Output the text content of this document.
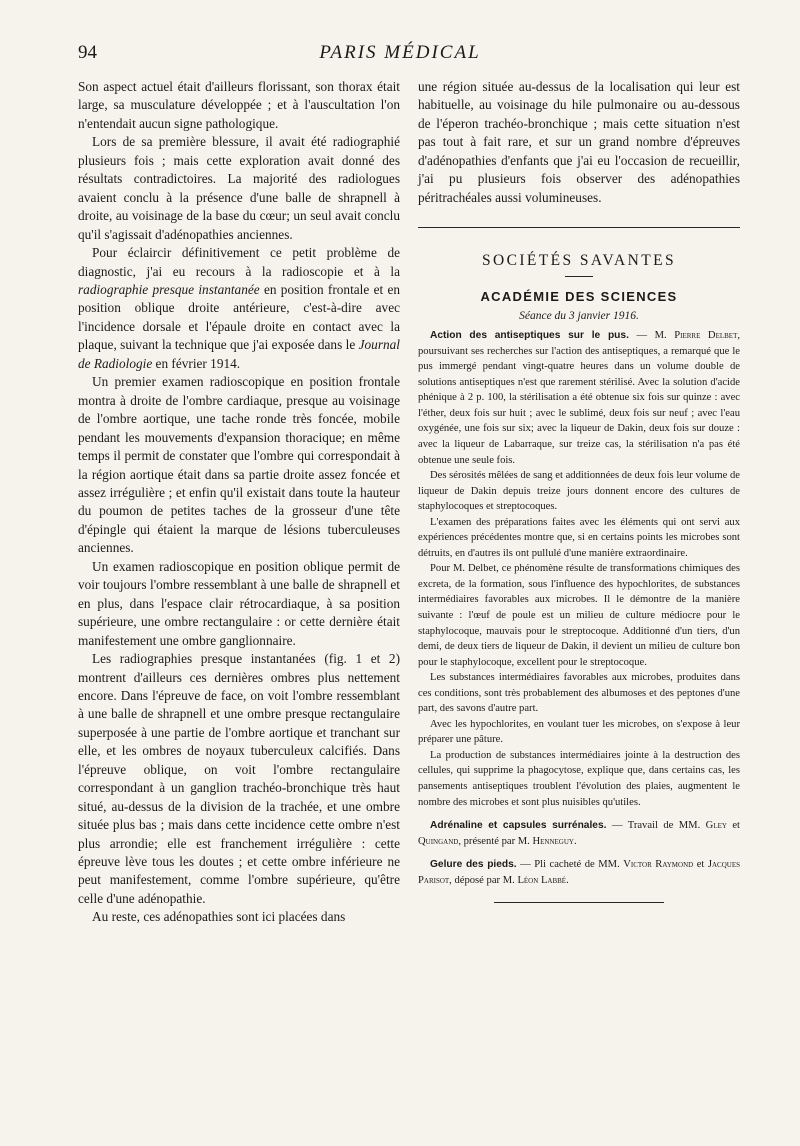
94	PARIS MÉDICAL

Son aspect actuel était d'ailleurs florissant, son thorax était large, sa musculature développée ; et à l'auscultation l'on n'entendait aucun signe pathologique.

Lors de sa première blessure, il avait été radiographié plusieurs fois ; mais cette exploration avait donné des résultats contradictoires. La majorité des radiologues avaient conclu à la présence d'une balle de shrapnell à droite, au voisinage de la base du cœur; un seul avait conclu qu'il s'agissait d'adénopathies anciennes.

Pour éclaircir définitivement ce petit problème de diagnostic, j'ai eu recours à la radioscopie et à la radiographie presque instantanée en position frontale et en position oblique droite antérieure, c'est-à-dire avec l'incidence dorsale et l'épaule droite en contact avec la plaque, suivant la technique que j'ai exposée dans le Journal de Radiologie en février 1914.

Un premier examen radioscopique en position frontale montra à droite de l'ombre cardiaque, presque au voisinage de l'ombre aortique, une tache ronde très foncée, mobile pendant les mouvements d'expansion thoracique; en même temps il permit de constater que l'ombre qui correspondait à la région aortique était dans sa partie droite assez foncée et assez irrégulière ; et enfin qu'il existait dans toute la hauteur du poumon de petites taches de la grosseur d'une tête d'épingle qui étaient la marque de lésions tuberculeuses anciennes.

Un examen radioscopique en position oblique permit de voir toujours l'ombre ressemblant à une balle de shrapnell et en plus, dans l'espace clair rétrocardiaque, à sa position supérieure, une ombre rectangulaire : or cette dernière était manifestement une ombre ganglionnaire.

Les radiographies presque instantanées (fig. 1 et 2) montrent d'ailleurs ces dernières ombres plus nettement encore. Dans l'épreuve de face, on voit l'ombre ressemblant à une balle de shrapnell et une ombre presque rectangulaire superposée à une partie de l'ombre aortique et tranchant sur elle, et les ombres de noyaux tuberculeux calcifiés. Dans l'épreuve oblique, on voit l'ombre rectangulaire correspondant à un ganglion trachéo-bronchique très haut situé, au-dessus de la division de la trachée, et une ombre située plus bas ; mais dans cette incidence cette ombre n'est plus arrondie; elle est franchement irrégulière : cette épreuve lève tous les doutes ; et cette ombre inférieure ne peut manifestement, comme l'ombre supérieure, qu'être celle d'une adénopathie.

Au reste, ces adénopathies sont ici placées dans

une région située au-dessus de la localisation qui leur est habituelle, au voisinage du hile pulmonaire ou au-dessous de l'éperon trachéo-bronchique ; mais cette situation n'est pas tout à fait rare, et sur un grand nombre d'épreuves d'adénopathies d'enfants que j'ai eu l'occasion de recueillir, j'ai pu plusieurs fois observer des adénopathies péritrachéales aussi volumineuses.

SOCIÉTÉS SAVANTES
ACADÉMIE DES SCIENCES
Séance du 3 janvier 1916.

Action des antiseptiques sur le pus. — M. Pierre Delbet, poursuivant ses recherches sur l'action des antiseptiques, a remarqué que le pus immergé pendant vingt-quatre heures dans un volume double de solutions antiseptiques n'est que rarement stérilisé. Avec la solution d'acide phénique à 2 p. 100, la stérilisation a été obtenue six fois sur quinze : avec l'éther, deux fois sur huit ; avec le sublimé, deux fois sur neuf ; avec l'eau oxygénée, une fois sur six; avec la liqueur de Dakin, deux fois sur douze : avec la liqueur de Labarraque, sur treize cas, la stérilisation n'a pas été obtenue une seule fois.

Des sérosités mêlées de sang et additionnées de deux fois leur volume de liqueur de Dakin depuis treize jours donnent encore des cultures de staphylocoques et streptocoques.

L'examen des préparations faites avec les éléments qui ont servi aux expériences précédentes montre que, si en certains points les microbes sont détruits, en d'autres ils ont pullulé d'une manière extraordinaire.

Pour M. Delbet, ce phénomène résulte de transformations chimiques des excreta, de la formation, sous l'influence des hypochlorites, de substances intermédiaires favorables aux microbes. Il le démontre de la manière suivante : l'œuf de poule est un milieu de culture médiocre pour le staphylocoque, mauvais pour le streptocoque. Additionné d'un tiers, d'un demi, de deux tiers de liqueur de Dakin, il devient un milieu de culture bon pour le staphylocoque, excellent pour le streptocoque.

Les substances intermédiaires favorables aux microbes, produites dans ces conditions, sont très probablement des albumoses et des peptones d'une part, des savons d'autre part.

Avec les hypochlorites, en voulant tuer les microbes, on s'expose à leur préparer une pâture.

La production de substances intermédiaires jointe à la destruction des cellules, qui supprime la phagocytose, explique que, dans certains cas, les pansements antiseptiques troublent l'évolution des plaies, augmentent le nombre des microbes et sont plus nuisibles qu'utiles.

Adrénaline et capsules surrénales. — Travail de MM. Gley et Quingand, présenté par M. Henneguy.

Gelure des pieds. — Pli cacheté de MM. Victor Raymond et Jacques Parisot, déposé par M. Léon Labbé.
